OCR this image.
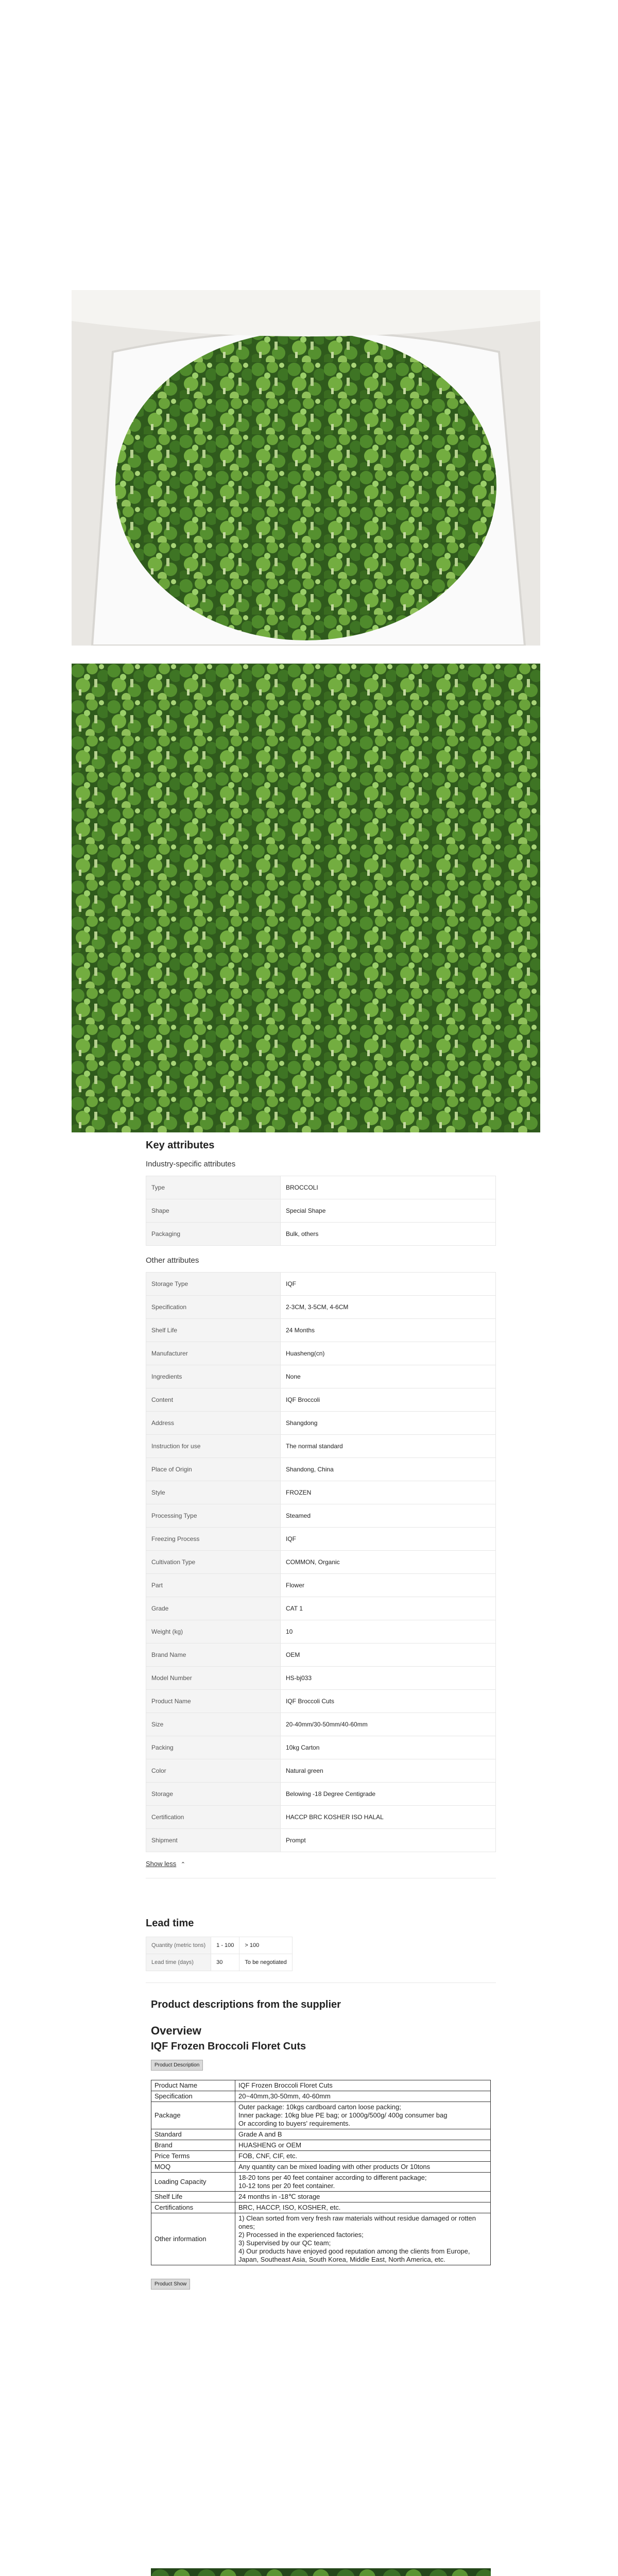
Key attributes
Industry-specific attributes
Type	BROCCOLI
Shape	Special Shape
Packaging	Bulk, others
Other attributes
Storage Type	IQF
Specification	2-3CM, 3-5CM, 4-6CM
Shelf Life	24 Months
Manufacturer	Huasheng(cn)
Ingredients	None
Content	IQF Broccoli
Address	Shangdong
Instruction for use	The normal standard
Place of Origin	Shandong, China
Style	FROZEN
Processing Type	Steamed
Freezing Process	IQF
Cultivation Type	COMMON, Organic
Part	Flower
Grade	CAT 1
Weight (kg)	10
Brand Name	OEM
Model Number	HS-bj033
Product Name	IQF Broccoli Cuts
Size	20-40mm/30-50mm/40-60mm
Packing	10kg Carton
Color	Natural green
Storage	Belowing -18 Degree Centigrade
Certification	HACCP BRC KOSHER ISO HALAL
Shipment	Prompt
Show less ⌃
Lead time
Quantity (metric tons)	1 - 100	> 100
Lead time (days)	30	To be negotiated
Product descriptions from the supplier
Overview
IQF Frozen Broccoli Floret Cuts
Product Description
Product Name	IQF Frozen Broccoli Floret Cuts

Specification	20~40mm,30-50mm, 40-60mm

Package	Outer package: 10kgs cardboard carton loose packing;
Inner package: 10kg blue PE bag; or 1000g/500g/ 400g consumer bag
Or according to buyers' requirements.

Standard	Grade A and B

Brand	HUASHENG or OEM

Price Terms	FOB, CNF, CIF, etc.

MOQ	Any quantity can be mixed loading with other products Or 10tons

Loading Capacity	18-20 tons per 40 feet container according to different package;
10-12 tons per 20 feet container.

Shelf Life	24 months in -18℃ storage

Certifications	BRC, HACCP, ISO, KOSHER, etc.

Other information	1) Clean sorted from very fresh raw materials without residue damaged or rotten ones;
2) Processed in the experienced factories;
3) Supervised by our QC team;
4) Our products have enjoyed good reputation among the clients from Europe, Japan, Southeast Asia, South Korea, Middle East, North America, etc.
Product Show
